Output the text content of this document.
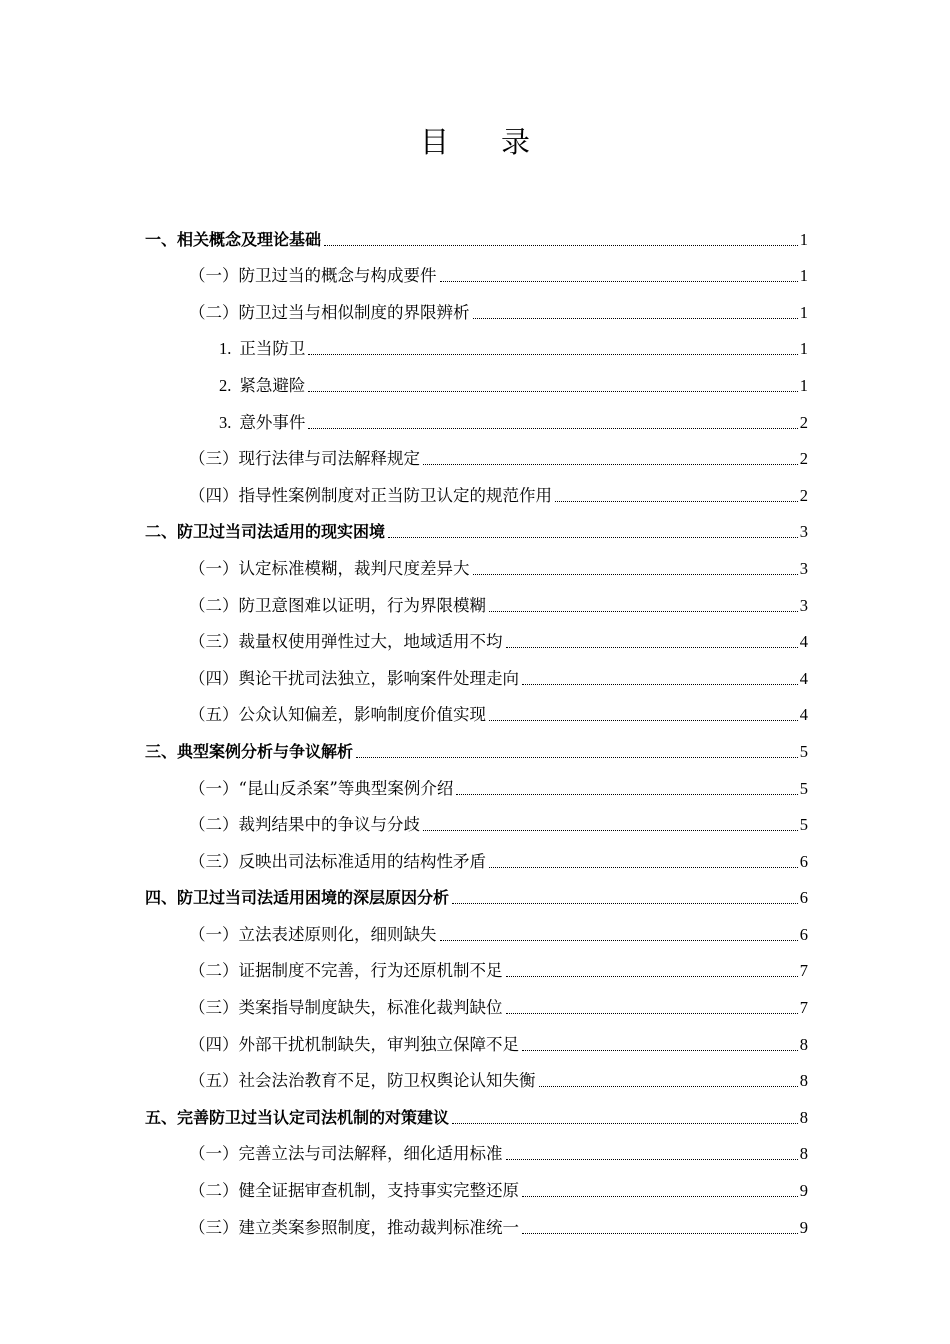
目录
一、相关概念及理论基础	1
（一）防卫过当的概念与构成要件	1
（二）防卫过当与相似制度的界限辨析	1
1. 正当防卫	1
2. 紧急避险	1
3. 意外事件	2
（三）现行法律与司法解释规定	2
（四）指导性案例制度对正当防卫认定的规范作用	2
二、防卫过当司法适用的现实困境	3
（一）认定标准模糊，裁判尺度差异大	3
（二）防卫意图难以证明，行为界限模糊	3
（三）裁量权使用弹性过大，地域适用不均	4
（四）舆论干扰司法独立，影响案件处理走向	4
（五）公众认知偏差，影响制度价值实现	4
三、典型案例分析与争议解析	5
（一）“昆山反杀案”等典型案例介绍	5
（二）裁判结果中的争议与分歧	5
（三）反映出司法标准适用的结构性矛盾	6
四、防卫过当司法适用困境的深层原因分析	6
（一）立法表述原则化，细则缺失	6
（二）证据制度不完善，行为还原机制不足	7
（三）类案指导制度缺失，标准化裁判缺位	7
（四）外部干扰机制缺失，审判独立保障不足	8
（五）社会法治教育不足，防卫权舆论认知失衡	8
五、完善防卫过当认定司法机制的对策建议	8
（一）完善立法与司法解释，细化适用标准	8
（二）健全证据审查机制，支持事实完整还原	9
（三）建立类案参照制度，推动裁判标准统一	9
